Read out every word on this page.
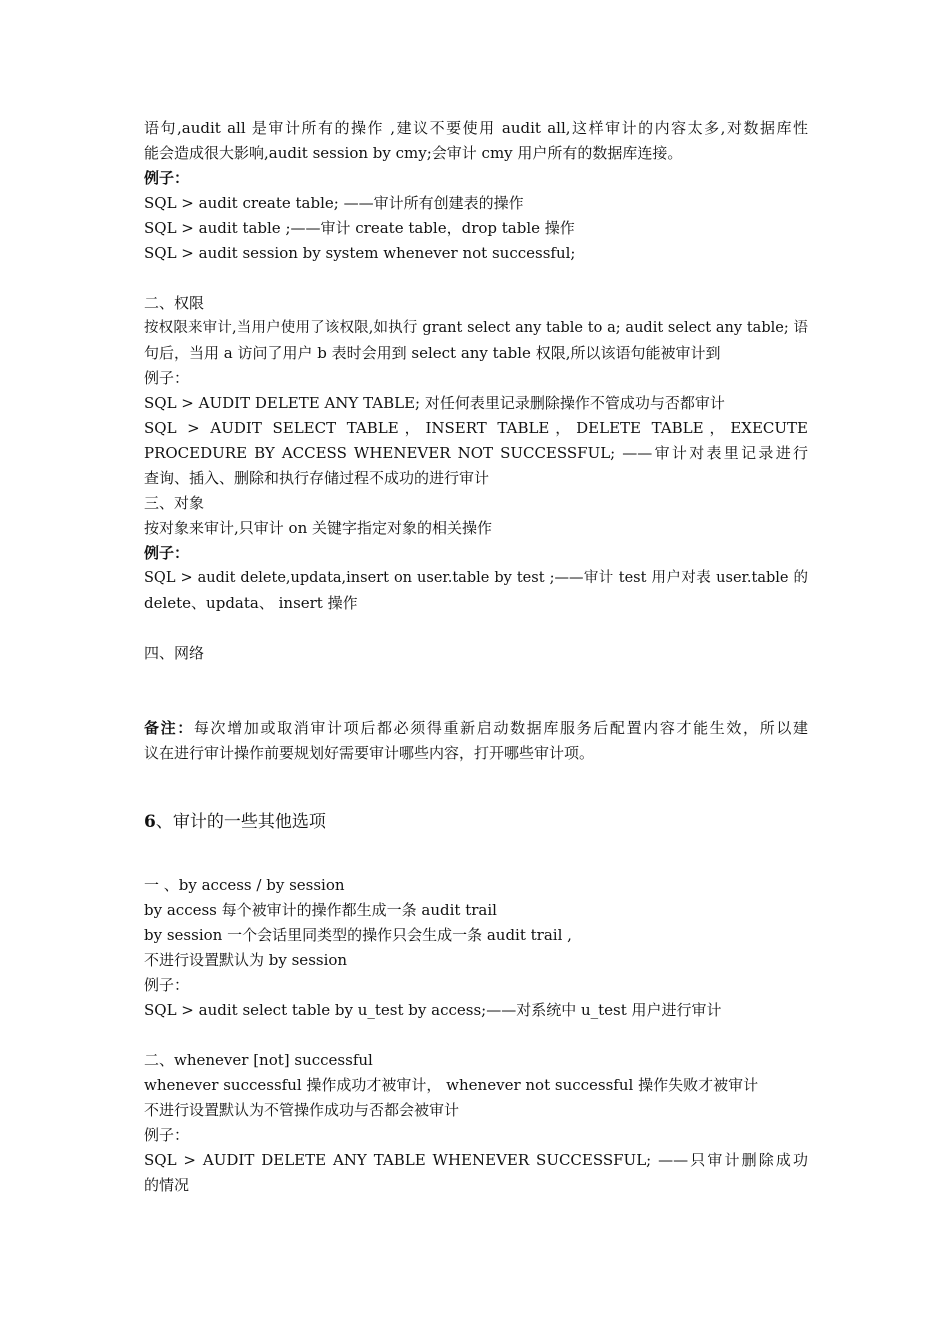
语句,audit all 是审计所有的操作 ,建议不要使用 audit all,这样审计的内容太多,对数据库性
能会造成很大影响,audit session by cmy;会审计 cmy 用户所有的数据库连接。
例子：
SQL > audit create table; ——审计所有创建表的操作
SQL > audit table ;——审计 create table，drop table 操作
SQL > audit session by system whenever not successful;
二、权限
按权限来审计,当用户使用了该权限,如执行 grant select any table to a; audit select any table; 语
句后，当用 a 访问了用户 b 表时会用到 select any table 权限,所以该语句能被审计到
例子：
SQL > AUDIT DELETE ANY TABLE; 对任何表里记录删除操作不管成功与否都审计
SQL > AUDIT SELECT TABLE，INSERT TABLE，DELETE TABLE，EXECUTE
PROCEDURE BY ACCESS WHENEVER NOT SUCCESSFUL; ——审计对表里记录进行
查询、插入、删除和执行存储过程不成功的进行审计
三、对象
按对象来审计,只审计 on 关键字指定对象的相关操作
例子：
SQL > audit delete,updata,insert on user.table by test ;——审计 test 用户对表 user.table 的
delete、updata、 insert 操作
四、网络
备注：每次增加或取消审计项后都必须得重新启动数据库服务后配置内容才能生效，所以建
议在进行审计操作前要规划好需要审计哪些内容，打开哪些审计项。
6、审计的一些其他选项
一 、by access / by session
by access 每个被审计的操作都生成一条 audit trail
by session 一个会话里同类型的操作只会生成一条 audit trail ,
不进行设置默认为 by session
例子：
SQL > audit select table by u_test by access;——对系统中 u_test 用户进行审计
二、whenever [not] successful
whenever successful 操作成功才被审计， whenever not successful 操作失败才被审计
不进行设置默认为不管操作成功与否都会被审计
例子：
SQL > AUDIT DELETE ANY TABLE WHENEVER SUCCESSFUL; ——只审计删除成功
的情况
